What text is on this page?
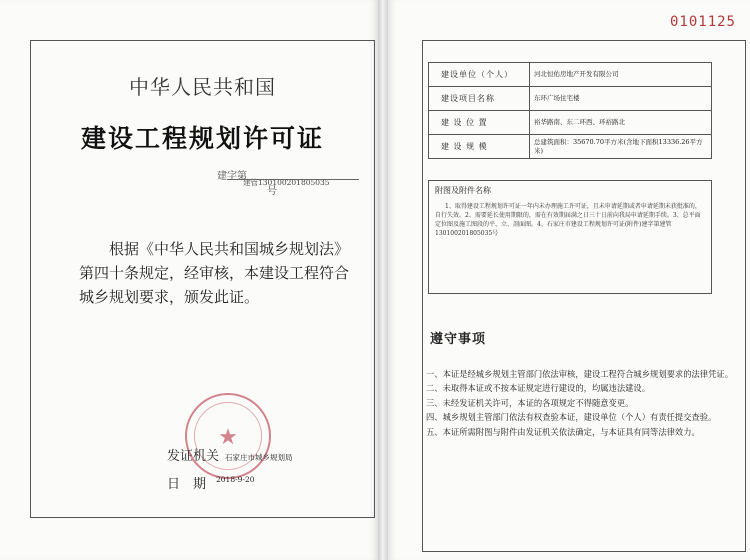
中华人民共和国
建设工程规划许可证
建字第$_{建管130100201805035}$号
根据《中华人民共和国城乡规划法》第四十条规定，经审核，本建设工程符合城乡规划要求，颁发此证。
★
发证机关 石家庄市城乡规划局
日　期 $^{2018-9-20}$
0101125
建设单位（个人）	河北恒佑房地产开发有限公司
建设项目名称	东环广场住宅楼
建 设 位 置	裕华路南、东二环西、环裕路北
建 设 规 模	总建筑面积：35670.70平方米(含地下面积13336.26平方米)
附图及附件名称
1、取得建设工程规划许可证一年内未办理施工许可证，且未申请延期或者申请延期未获批准的，自行失效。2、需要延长使用期限的，需在有效期届满之日三十日前向我局申请延期手续。3、总平面定位图及施工图段的平、立、剖面图。4、石家庄市建设工程规划许可证(附件)建字第建管130100201805035号
遵守事项
一、本证是经城乡规划主管部门依法审核，建设工程符合城乡规划要求的法律凭证。
二、未取得本证或不按本证规定进行建设的，均属违法建设。
三、未经发证机关许可，本证的各项规定不得随意变更。
四、城乡规划主管部门依法有权查验本证，建设单位（个人）有责任提交查验。
五、本证所需附图与附件由发证机关依法确定，与本证具有同等法律效力。
